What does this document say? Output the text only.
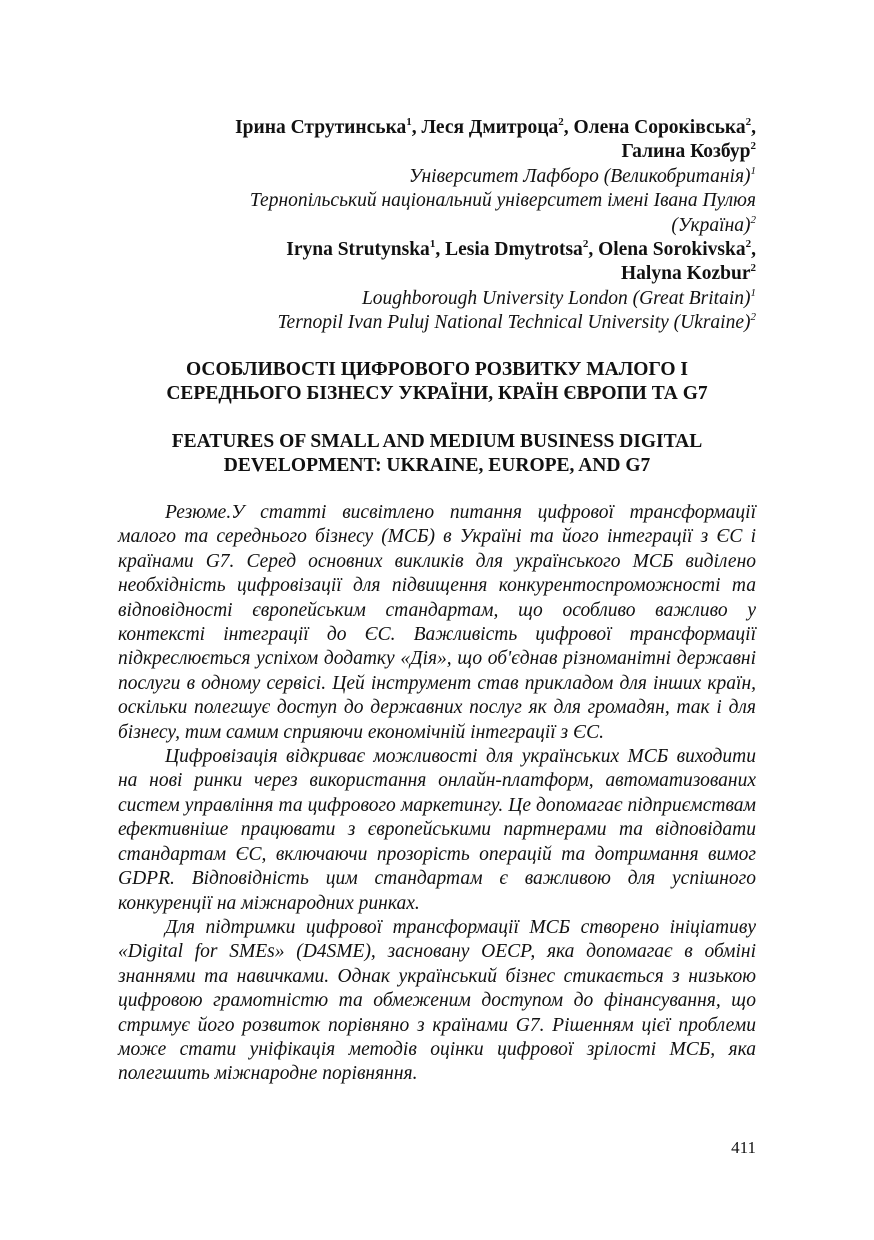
Ірина Струтинська$^1$, Леся Дмитроца$^2$, Олена Сороківська$^2$,
Галина Козбур$^2$
Університет Лафборо (Великобританія)$^1$
Тернопільський національний університет імені Івана Пулюя
(Україна)$^2$
Iryna Strutynska$^1$, Lesia Dmytrotsa$^2$, Olena Sorokivska$^2$,
Halyna Kozbur$^2$
Loughborough University London (Great Britain)$^1$
Ternopil Ivan Puluj National Technical University (Ukraine)$^2$
ОСОБЛИВОСТІ ЦИФРОВОГО РОЗВИТКУ МАЛОГО І
СЕРЕДНЬОГО БІЗНЕСУ УКРАЇНИ, КРАЇН ЄВРОПИ ТА G7
FEATURES OF SMALL AND MEDIUM BUSINESS DIGITAL
DEVELOPMENT: UKRAINE, EUROPE, AND G7

Резюме.У статті висвітлено питання цифрової трансформації малого та середнього бізнесу (МСБ) в Україні та його інтеграції з ЄС і країнами G7. Серед основних викликів для українського МСБ виділено необхідність цифровізації для підвищення конкурентоспроможності та відповідності європейським стандартам, що особливо важливо у контексті інтеграції до ЄС. Важливість цифрової трансформації підкреслюється успіхом додатку «Дія», що об'єднав різноманітні державні послуги в одному сервісі. Цей інструмент став прикладом для інших країн, оскільки полегшує доступ до державних послуг як для громадян, так і для бізнесу, тим самим сприяючи економічній інтеграції з ЄС.

Цифровізація відкриває можливості для українських МСБ виходити на нові ринки через використання онлайн-платформ, автоматизованих систем управління та цифрового маркетингу. Це допомагає підприємствам ефективніше працювати з європейськими партнерами та відповідати стандартам ЄС, включаючи прозорість операцій та дотримання вимог GDPR. Відповідність цим стандартам є важливою для успішного конкуренції на міжнародних ринках.

Для підтримки цифрової трансформації МСБ створено ініціативу «Digital for SMEs» (D4SME), засновану ОЕСР, яка допомагає в обміні знаннями та навичками. Однак український бізнес стикається з низькою цифровою грамотністю та обмеженим доступом до фінансування, що стримує його розвиток порівняно з країнами G7. Рішенням цієї проблеми може стати уніфікація методів оцінки цифрової зрілості МСБ, яка полегшить міжнародне порівняння.

411
